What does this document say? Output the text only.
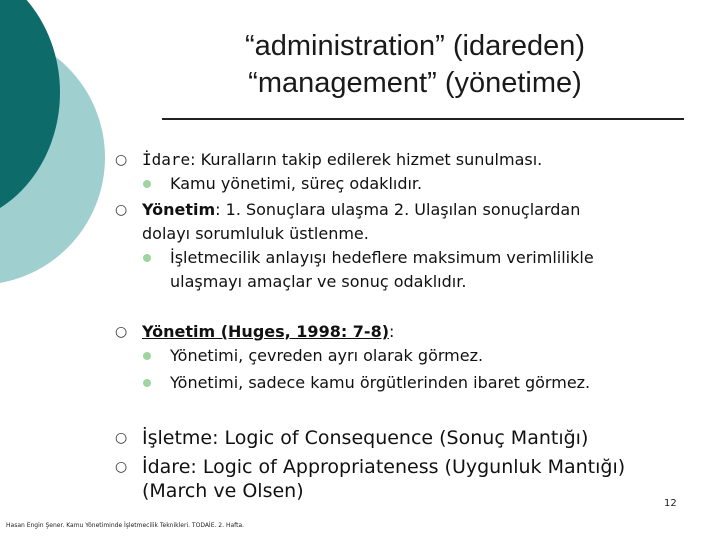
“administration” (idareden)
“management” (yönetime)
○ İdare: Kuralların takip edilerek hizmet sunulması.
Kamu yönetimi, süreç odaklıdır.
○ Yönetim: 1. Sonuçlara ulaşma 2. Ulaşılan sonuçlardan
dolayı sorumluluk üstlenme.
İşletmecilik anlayışı hedeflere maksimum verimlilikle
ulaşmayı amaçlar ve sonuç odaklıdır.
○ Yönetim (Huges, 1998: 7-8):
Yönetimi, çevreden ayrı olarak görmez.
Yönetimi, sadece kamu örgütlerinden ibaret görmez.
○ İşletme: Logic of Consequence (Sonuç Mantığı)
○ İdare: Logic of Appropriateness (Uygunluk Mantığı)
(March ve Olsen)
12
Hasan Engin Şener. Kamu Yönetiminde İşletmecilik Teknikleri. TODAİE. 2. Hafta.
